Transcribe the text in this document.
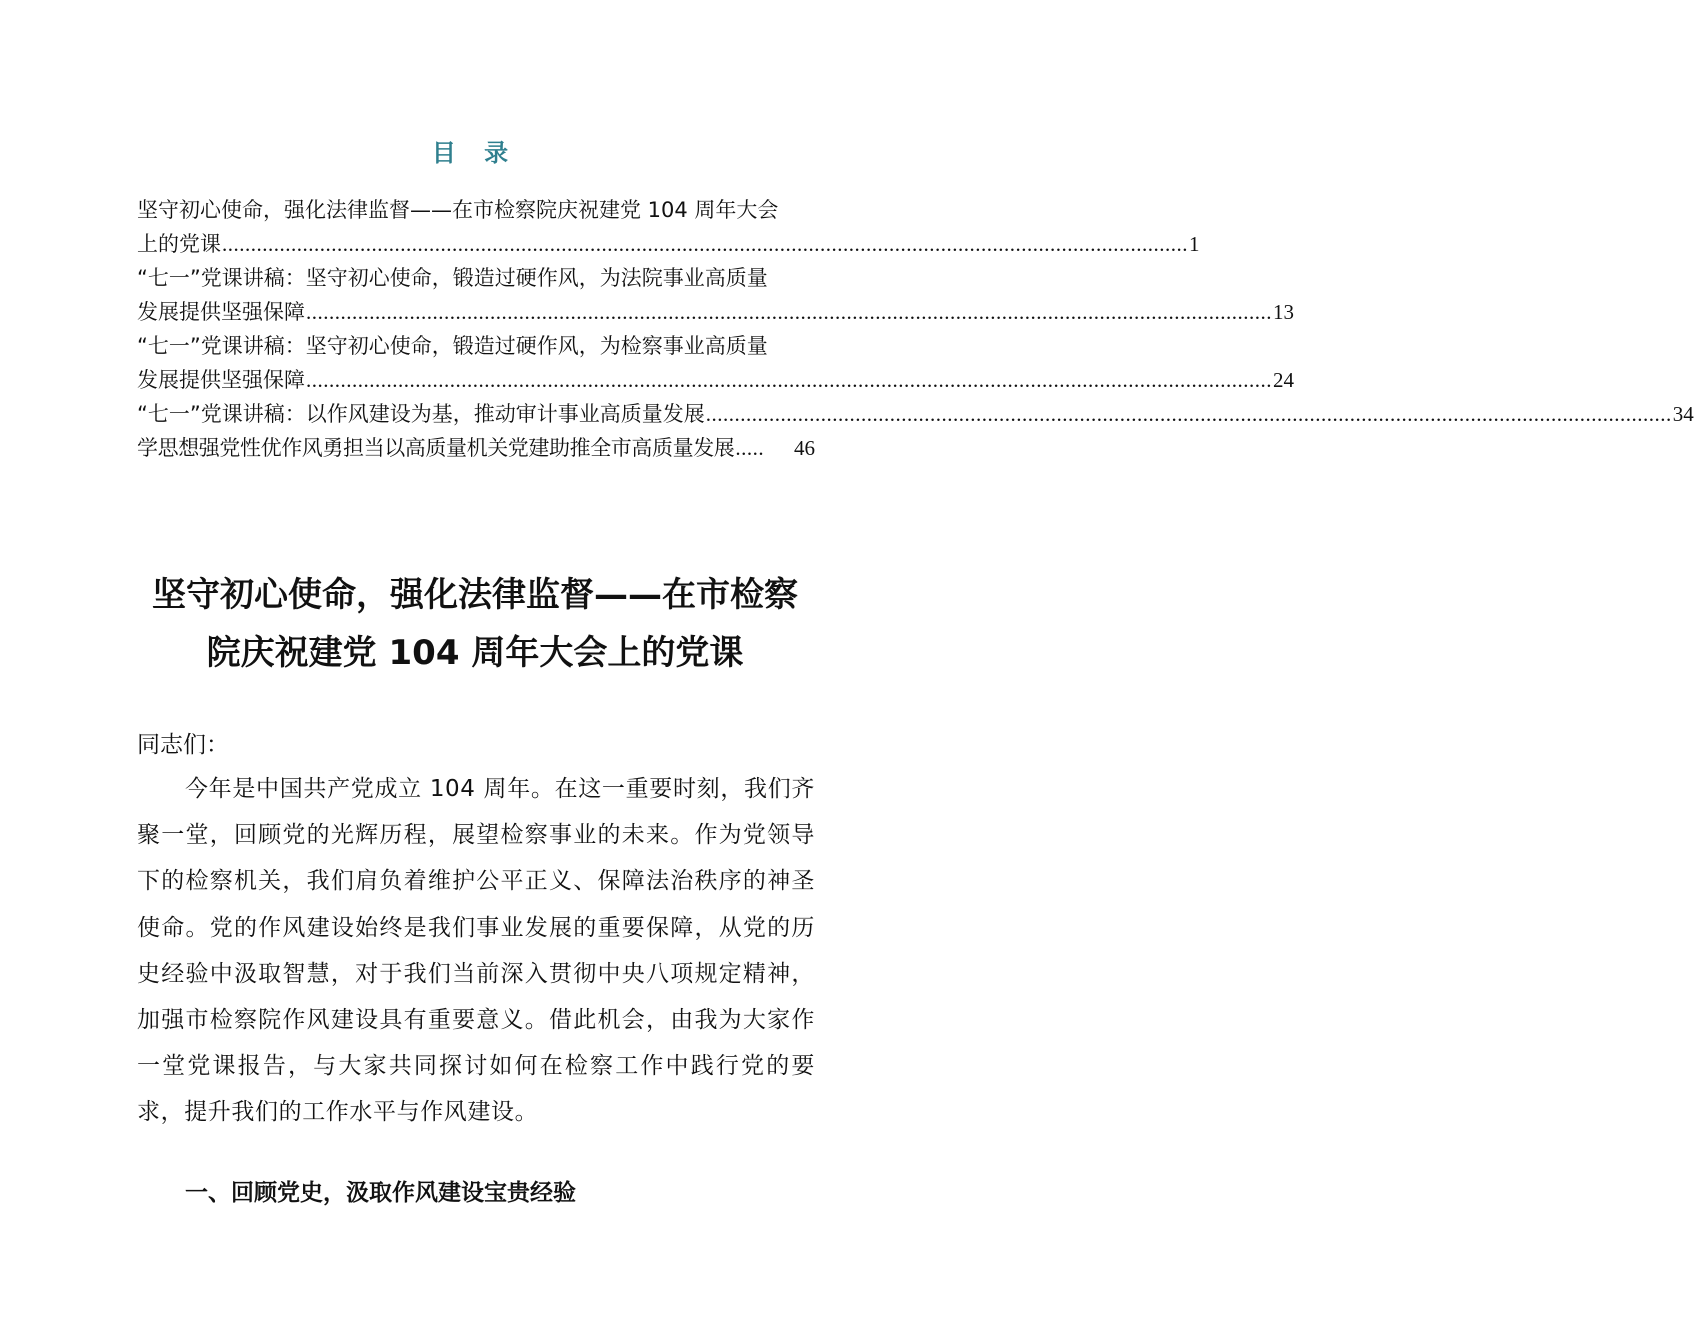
目 录
坚守初心使命，强化法律监督——在市检察院庆祝建党 104 周年大会
上的党课 ........................................................................................................................................................................ 1
“七一”党课讲稿：坚守初心使命，锻造过硬作风，为法院事业高质量
发展提供坚强保障 ........................................................................................................................................................................ 13
“七一”党课讲稿：坚守初心使命，锻造过硬作风，为检察事业高质量
发展提供坚强保障 ........................................................................................................................................................................ 24
“七一”党课讲稿：以作风建设为基，推动审计事业高质量发展 ........................................................................................................................................................................ 34
学思想强党性优作风勇担当以高质量机关党建助推全市高质量发展 .....	46
坚守初心使命，强化法律监督——在市检察
院庆祝建党 104 周年大会上的党课
同志们：
今年是中国共产党成立 104 周年。在这一重要时刻，我们齐聚一堂，回顾党的光辉历程，展望检察事业的未来。作为党领导下的检察机关，我们肩负着维护公平正义、保障法治秩序的神圣使命。党的作风建设始终是我们事业发展的重要保障，从党的历史经验中汲取智慧，对于我们当前深入贯彻中央八项规定精神，加强市检察院作风建设具有重要意义。借此机会，由我为大家作一堂党课报告，与大家共同探讨如何在检察工作中践行党的要求，提升我们的工作水平与作风建设。
一、回顾党史，汲取作风建设宝贵经验
